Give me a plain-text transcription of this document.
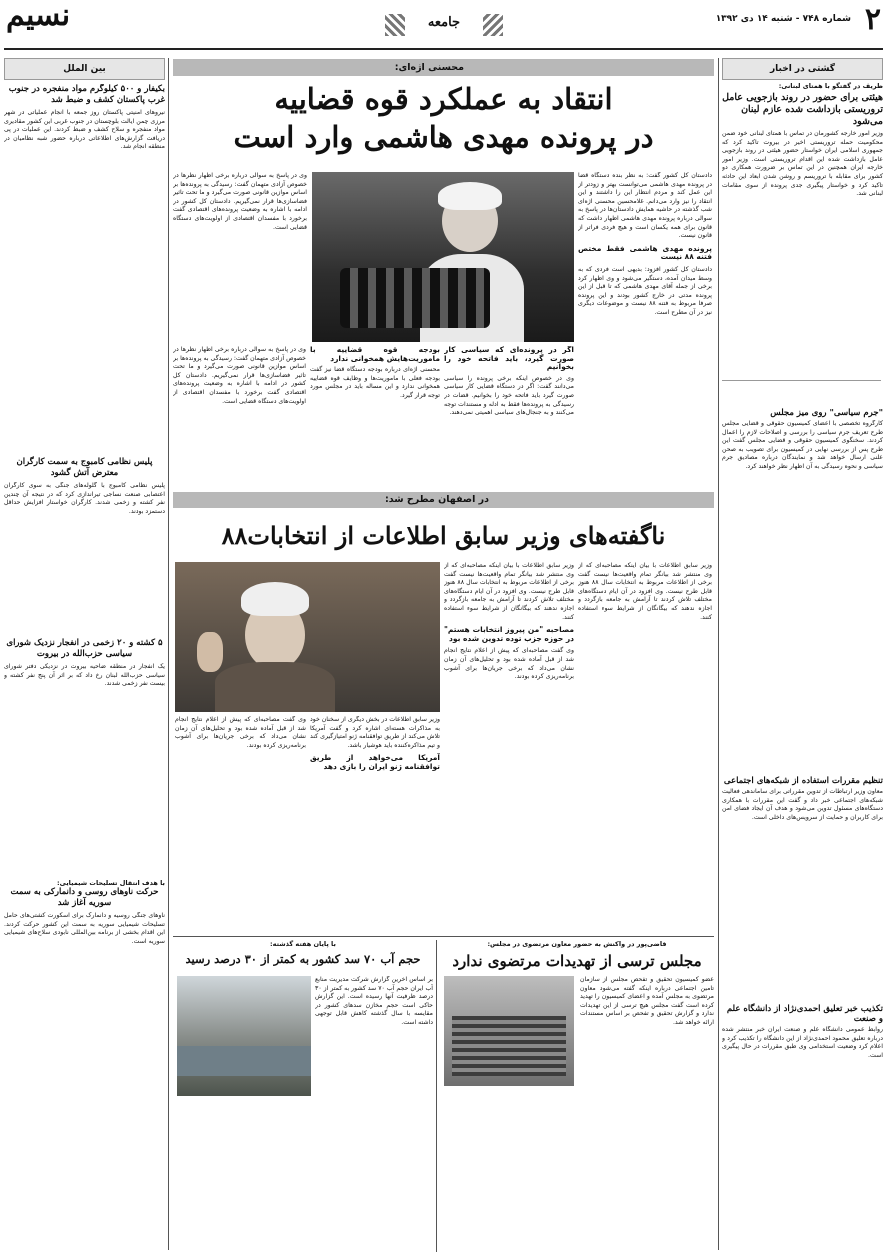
۲
شماره ۷۴۸ - شنبه ۱۴ دی ۱۳۹۲
جامعه
نسیم
گشتی در اخبار
ظریف در گفتگو با همتای لبنانی:
هیئتی برای حضور در روند بازجویی عامل تروریستی بازداشت شده عازم لبنان می‌شود
وزیر امور خارجه کشورمان در تماس با همتای لبنانی خود ضمن محکومیت حمله تروریستی اخیر در بیروت تاکید کرد که جمهوری اسلامی ایران خواستار حضور هیئتی در روند بازجویی عامل بازداشت شده این اقدام تروریستی است. وزیر امور خارجه ایران همچنین در این تماس بر ضرورت همکاری دو کشور برای مقابله با تروریسم و روشن شدن ابعاد این حادثه تاکید کرد و خواستار پیگیری جدی پرونده از سوی مقامات لبنانی شد.
"جرم سیاسی" روی میز مجلس
کارگروه تخصصی با اعضای کمیسیون حقوقی و قضایی مجلس طرح تعریف جرم سیاسی را بررسی و اصلاحات لازم را اعمال کردند. سخنگوی کمیسیون حقوقی و قضایی مجلس گفت این طرح پس از بررسی نهایی در کمیسیون برای تصویب به صحن علنی ارسال خواهد شد و نمایندگان درباره مصادیق جرم سیاسی و نحوه رسیدگی به آن اظهار نظر خواهند کرد.
تنظیم مقررات استفاده از شبکه‌های اجتماعی
معاون وزیر ارتباطات از تدوین مقرراتی برای ساماندهی فعالیت شبکه‌های اجتماعی خبر داد و گفت این مقررات با همکاری دستگاه‌های مسئول تدوین می‌شود و هدف آن ایجاد فضای امن برای کاربران و حمایت از سرویس‌های داخلی است.
تکذیب خبر تعلیق احمدی‌نژاد از دانشگاه علم و صنعت
روابط عمومی دانشگاه علم و صنعت ایران خبر منتشر شده درباره تعلیق محمود احمدی‌نژاد از این دانشگاه را تکذیب کرد و اعلام کرد وضعیت استخدامی وی طبق مقررات در حال پیگیری است.
محسنی اژه‌ای:
انتقاد به عملکرد قوه قضاییه
در پرونده مهدی هاشمی وارد است
دادستان کل کشور گفت: به نظر بنده دستگاه قضا در پرونده مهدی هاشمی می‌توانست بهتر و زودتر از این عمل کند و مردم انتظار این را داشتند و این انتقاد را نیز وارد می‌دانم. غلامحسین محسنی اژه‌ای شب گذشته در حاشیه همایش دادستان‌ها در پاسخ به سوالی درباره پرونده مهدی هاشمی اظهار داشت که قانون برای همه یکسان است و هیچ فردی فراتر از قانون نیست.
پرونده مهدی هاشمی فقط مختص فتنه ۸۸ نیست
دادستان کل کشور افزود: بدیهی است فردی که به وسط میدان آمده، دستگیر می‌شود و وی اظهار کرد برخی از جمله آقای مهدی هاشمی که تا قبل از این پرونده مدتی در خارج کشور بودند و این پرونده صرفا مربوط به فتنه ۸۸ نیست و موضوعات دیگری نیز در آن مطرح است.
وی در پاسخ به سوالی درباره برخی اظهار نظرها در خصوص آزادی متهمان گفت: رسیدگی به پرونده‌ها بر اساس موازین قانونی صورت می‌گیرد و ما تحت تاثیر فضاسازی‌ها قرار نمی‌گیریم. دادستان کل کشور در ادامه با اشاره به وضعیت پرونده‌های اقتصادی گفت برخورد با مفسدان اقتصادی از اولویت‌های دستگاه قضایی است.
اگر در پرونده‌ای که سیاسی کار صورت گیرد، باید فاتحه خود را بخوانیم
وی در خصوص اینکه برخی پرونده را سیاسی می‌دانند گفت: اگر در دستگاه قضایی کار سیاسی صورت گیرد باید فاتحه خود را بخوانیم. قضات در رسیدگی به پرونده‌ها فقط به ادله و مستندات توجه می‌کنند و به جنجال‌های سیاسی اهمیتی نمی‌دهند.
بودجه قوه قضاییه با ماموریت‌هایش همخوانی ندارد
محسنی اژه‌ای درباره بودجه دستگاه قضا نیز گفت بودجه فعلی با ماموریت‌ها و وظایف قوه قضاییه همخوانی ندارد و این مساله باید در مجلس مورد توجه قرار گیرد.
وی در پاسخ به سوالی درباره برخی اظهار نظرها در خصوص آزادی متهمان گفت: رسیدگی به پرونده‌ها بر اساس موازین قانونی صورت می‌گیرد و ما تحت تاثیر فضاسازی‌ها قرار نمی‌گیریم. دادستان کل کشور در ادامه با اشاره به وضعیت پرونده‌های اقتصادی گفت برخورد با مفسدان اقتصادی از اولویت‌های دستگاه قضایی است.
در اصفهان مطرح شد:
ناگفته‌های وزیر سابق اطلاعات از انتخابات۸۸
وزیر سابق اطلاعات با بیان اینکه مصاحبه‌ای که از وی منتشر شد بیانگر تمام واقعیت‌ها نیست گفت برخی از اطلاعات مربوط به انتخابات سال ۸۸ هنوز قابل طرح نیست. وی افزود در آن ایام دستگاه‌های مختلف تلاش کردند تا آرامش به جامعه بازگردد و اجازه ندهند که بیگانگان از شرایط سوء استفاده کنند.
وزیر سابق اطلاعات با بیان اینکه مصاحبه‌ای که از وی منتشر شد بیانگر تمام واقعیت‌ها نیست گفت برخی از اطلاعات مربوط به انتخابات سال ۸۸ هنوز قابل طرح نیست. وی افزود در آن ایام دستگاه‌های مختلف تلاش کردند تا آرامش به جامعه بازگردد و اجازه ندهند که بیگانگان از شرایط سوء استفاده کنند.
مصاحبه "من پیروز انتخابات هستم" در حوزه جزب توده تدوین شده بود
وی گفت مصاحبه‌ای که پیش از اعلام نتایج انجام شد از قبل آماده شده بود و تحلیل‌های آن زمان نشان می‌داد که برخی جریان‌ها برای آشوب برنامه‌ریزی کرده بودند.
وزیر سابق اطلاعات در بخش دیگری از سخنان خود به مذاکرات هسته‌ای اشاره کرد و گفت آمریکا تلاش می‌کند از طریق توافقنامه ژنو امتیازگیری کند و تیم مذاکره‌کننده باید هوشیار باشد.
آمریکا می‌خواهد از طریق توافقنامه ژنو ایران را بازی دهد
وی گفت مصاحبه‌ای که پیش از اعلام نتایج انجام شد از قبل آماده شده بود و تحلیل‌های آن زمان نشان می‌داد که برخی جریان‌ها برای آشوب برنامه‌ریزی کرده بودند.
قاضی‌پور در واکنش به حضور معاون مرتضوی در مجلس:
مجلس ترسی از تهدیدات مرتضوی ندارد
عضو کمیسیون تحقیق و تفحص مجلس از سازمان تامین اجتماعی درباره اینکه گفته می‌شود معاون مرتضوی به مجلس آمده و اعضای کمیسیون را تهدید کرده است گفت مجلس هیچ ترسی از این تهدیدات ندارد و گزارش تحقیق و تفحص بر اساس مستندات ارائه خواهد شد.
با پایان هفته گذشته:
حجم آب ۷۰ سد کشور به کمتر از ۳۰ درصد رسید
بر اساس آخرین گزارش شرکت مدیریت منابع آب ایران حجم آب ۷۰ سد کشور به کمتر از ۳۰ درصد ظرفیت آنها رسیده است. این گزارش حاکی است حجم مخازن سدهای کشور در مقایسه با سال گذشته کاهش قابل توجهی داشته است.
بین الملل
بکیفار و ۵۰۰ کیلوگرم مواد منفجره در جنوب غرب پاکستان کشف و ضبط شد
نیروهای امنیتی پاکستان روز جمعه با انجام عملیاتی در شهر مرزی چمن ایالت بلوچستان در جنوب غربی این کشور مقادیری مواد منفجره و سلاح کشف و ضبط کردند. این عملیات در پی دریافت گزارش‌های اطلاعاتی درباره حضور شبه نظامیان در منطقه انجام شد.
پلیس نظامی کامبوج به سمت کارگران معترض آتش گشود
پلیس نظامی کامبوج با گلوله‌های جنگی به سوی کارگران اعتصابی صنعت نساجی تیراندازی کرد که در نتیجه آن چندین نفر کشته و زخمی شدند. کارگران خواستار افزایش حداقل دستمزد بودند.
۵ کشته و ۲۰ زخمی در انفجار نزدیک شورای سیاسی حزب‌الله در بیروت
یک انفجار در منطقه ضاحیه بیروت در نزدیکی دفتر شورای سیاسی حزب‌الله لبنان رخ داد که بر اثر آن پنج نفر کشته و بیست نفر زخمی شدند.
با هدف انتقال تسلیحات شیمیایی:
حرکت ناوهای روسی و دانمارکی به سمت سوریه آغاز شد
ناوهای جنگی روسیه و دانمارک برای اسکورت کشتی‌های حامل تسلیحات شیمیایی سوریه به سمت این کشور حرکت کردند. این اقدام بخشی از برنامه بین‌المللی نابودی سلاح‌های شیمیایی سوریه است.
